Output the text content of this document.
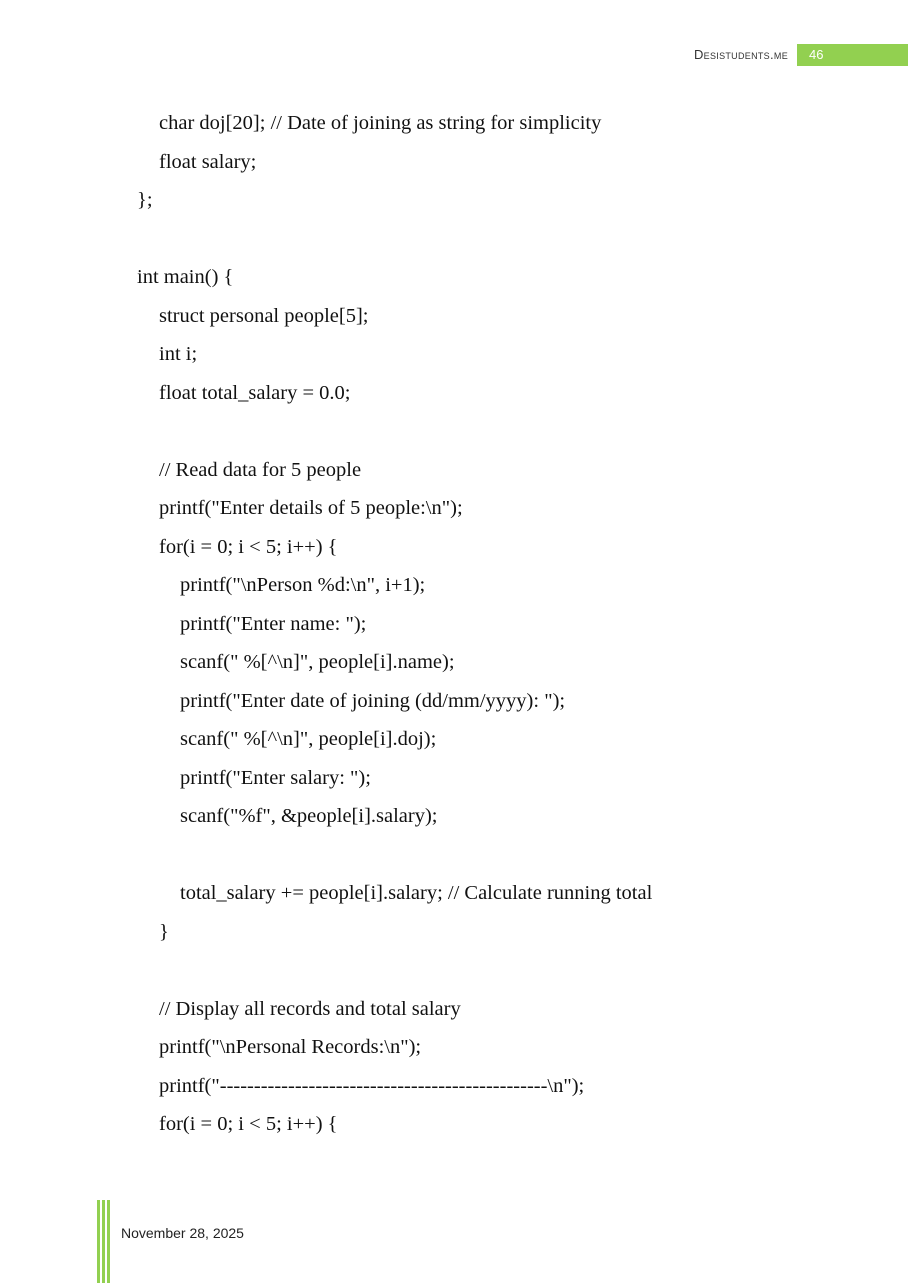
Desistudents.me	46
char doj[20]; // Date of joining as string for simplicity
float salary;
};
int main() {
struct personal people[5];
int i;
float total_salary = 0.0;
// Read data for 5 people
printf("Enter details of 5 people:\n");
for(i = 0; i < 5; i++) {
printf("\nPerson %d:\n", i+1);
printf("Enter name: ");
scanf(" %[^\n]", people[i].name);
printf("Enter date of joining (dd/mm/yyyy): ");
scanf(" %[^\n]", people[i].doj);
printf("Enter salary: ");
scanf("%f", &people[i].salary);
total_salary += people[i].salary; // Calculate running total
}
// Display all records and total salary
printf("\nPersonal Records:\n");
printf("------------------------------------------------\n");
for(i = 0; i < 5; i++) {
November 28, 2025
